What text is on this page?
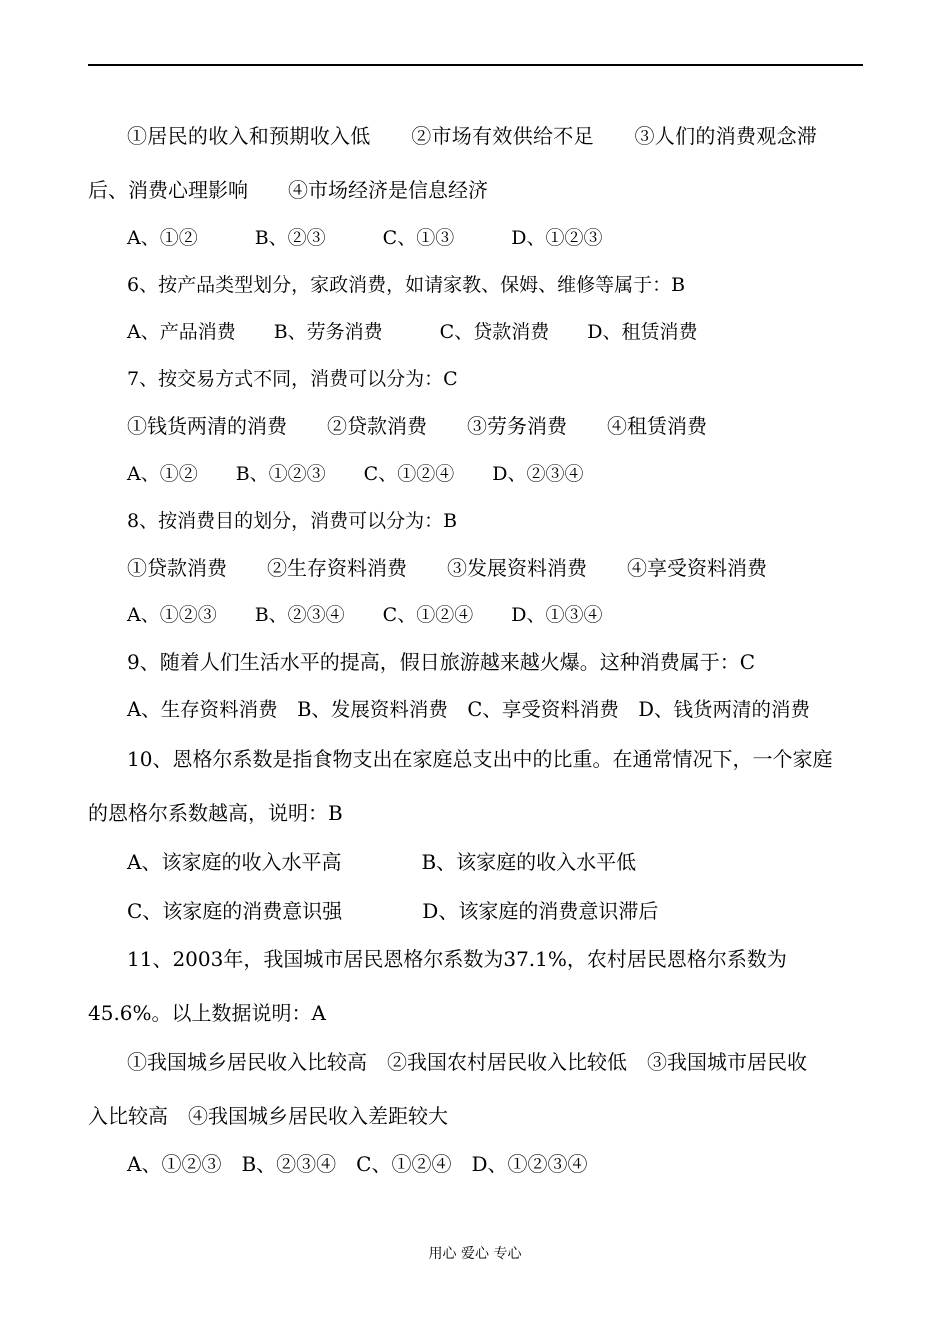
①居民的收入和预期收入低　　②市场有效供给不足　　③人们的消费观念滞
后、消费心理影响　　④市场经济是信息经济
A、①②　　　B、②③　　　C、①③　　　D、①②③
6、按产品类型划分，家政消费，如请家教、保姆、维修等属于：B
A、产品消费　　B、劳务消费　　　C、贷款消费　　D、租赁消费
7、按交易方式不同，消费可以分为：C
①钱货两清的消费　　②贷款消费　　③劳务消费　　④租赁消费
A、①②　　B、①②③　　C、①②④　　D、②③④
8、按消费目的划分，消费可以分为：B
①贷款消费　　②生存资料消费　　③发展资料消费　　④享受资料消费
A、①②③　　B、②③④　　C、①②④　　D、①③④
9、随着人们生活水平的提高，假日旅游越来越火爆。这种消费属于：C
A、生存资料消费　B、发展资料消费　C、享受资料消费　D、钱货两清的消费
10、恩格尔系数是指食物支出在家庭总支出中的比重。在通常情况下，一个家庭
的恩格尔系数越高，说明：B
A、该家庭的收入水平高　　　　B、该家庭的收入水平低
C、该家庭的消费意识强　　　　D、该家庭的消费意识滞后
11、2003年，我国城市居民恩格尔系数为37.1%，农村居民恩格尔系数为
45.6%。以上数据说明：A
①我国城乡居民收入比较高　②我国农村居民收入比较低　③我国城市居民收
入比较高　④我国城乡居民收入差距较大
A、①②③　B、②③④　C、①②④　D、①②③④
用心 爱心 专心
